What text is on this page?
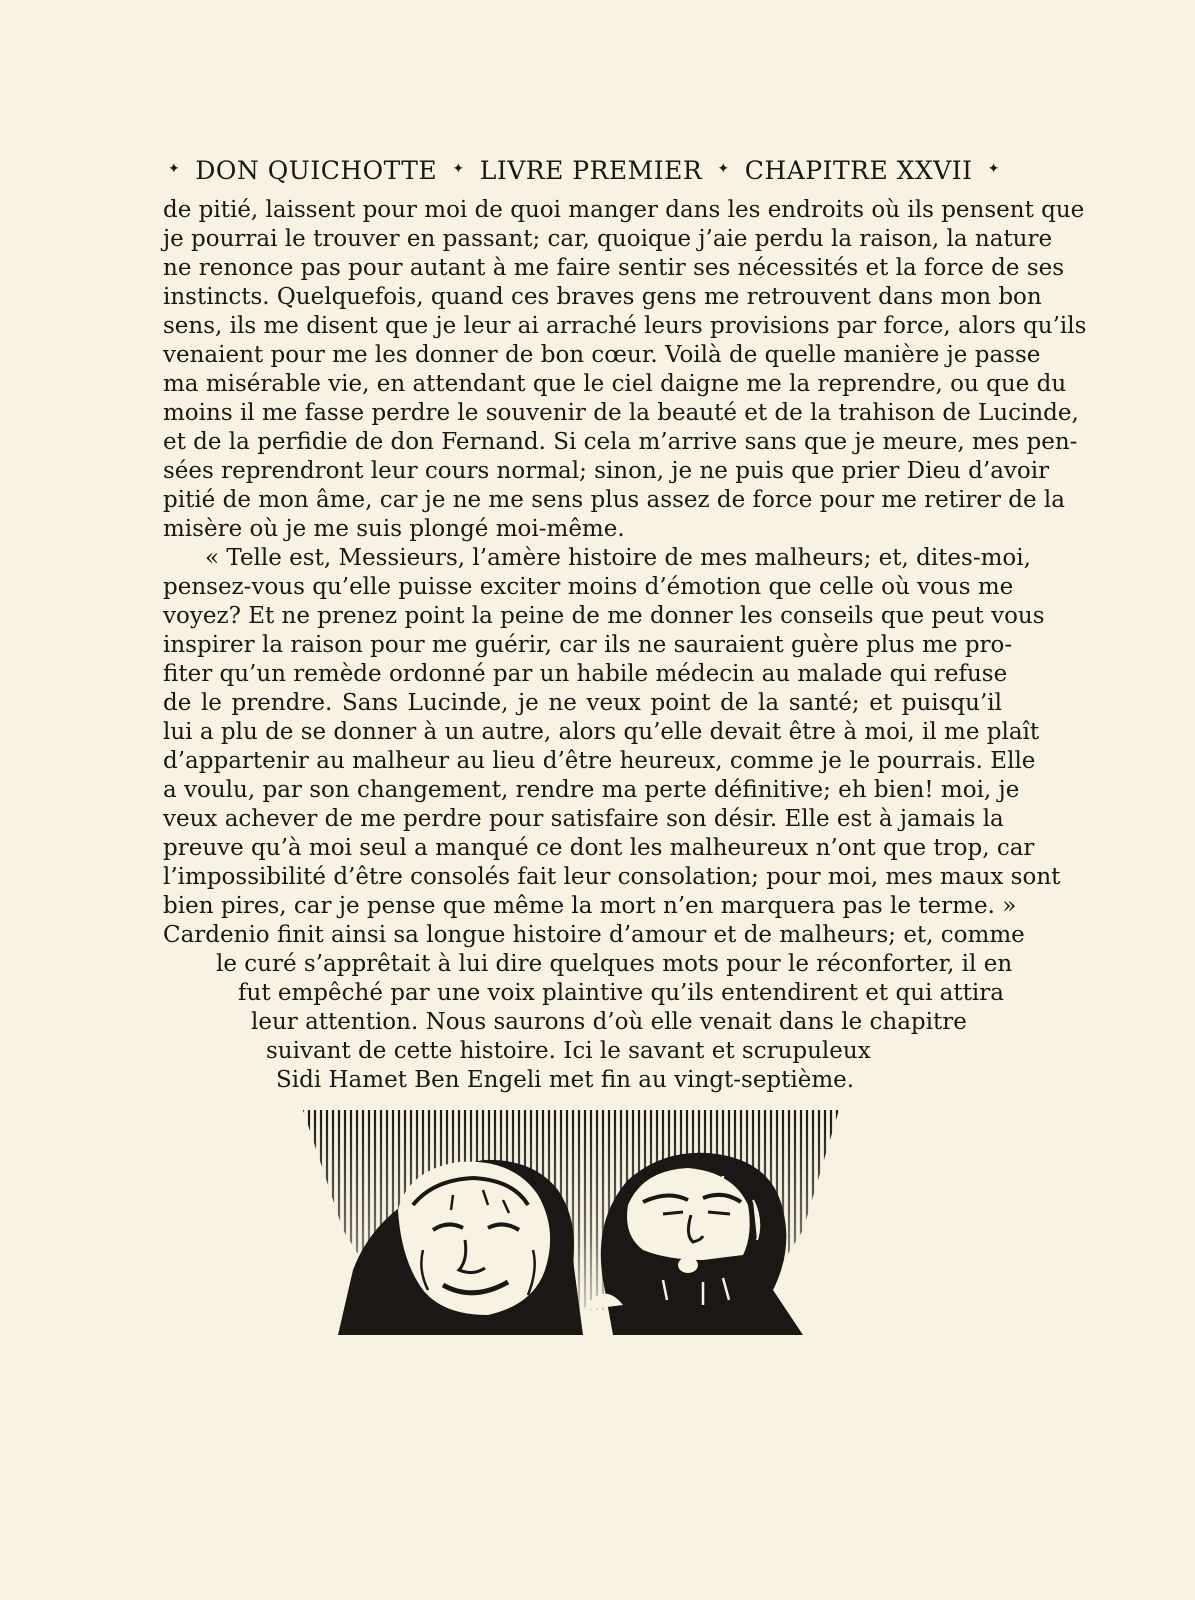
✦ DON QUICHOTTE ✦ LIVRE PREMIER ✦ CHAPITRE XXVII ✦
de pitié, laissent pour moi de quoi manger dans les endroits où ils pensent que
je pourrai le trouver en passant; car, quoique j’aie perdu la raison, la nature
ne renonce pas pour autant à me faire sentir ses nécessités et la force de ses
instincts. Quelquefois, quand ces braves gens me retrouvent dans mon bon
sens, ils me disent que je leur ai arraché leurs provisions par force, alors qu’ils
venaient pour me les donner de bon cœur. Voilà de quelle manière je passe
ma misérable vie, en attendant que le ciel daigne me la reprendre, ou que du
moins il me fasse perdre le souvenir de la beauté et de la trahison de Lucinde,
et de la perfidie de don Fernand. Si cela m’arrive sans que je meure, mes pen-
sées reprendront leur cours normal; sinon, je ne puis que prier Dieu d’avoir
pitié de mon âme, car je ne me sens plus assez de force pour me retirer de la
misère où je me suis plongé moi-même.
« Telle est, Messieurs, l’amère histoire de mes malheurs; et, dites-moi,
pensez-vous qu’elle puisse exciter moins d’émotion que celle où vous me
voyez? Et ne prenez point la peine de me donner les conseils que peut vous
inspirer la raison pour me guérir, car ils ne sauraient guère plus me pro-
fiter qu’un remède ordonné par un habile médecin au malade qui refuse
de le prendre. Sans Lucinde, je ne veux point de la santé; et puisqu’il
lui a plu de se donner à un autre, alors qu’elle devait être à moi, il me plaît
d’appartenir au malheur au lieu d’être heureux, comme je le pourrais. Elle
a voulu, par son changement, rendre ma perte définitive; eh bien! moi, je
veux achever de me perdre pour satisfaire son désir. Elle est à jamais la
preuve qu’à moi seul a manqué ce dont les malheureux n’ont que trop, car
l’impossibilité d’être consolés fait leur consolation; pour moi, mes maux sont
bien pires, car je pense que même la mort n’en marquera pas le terme. »
Cardenio finit ainsi sa longue histoire d’amour et de malheurs; et, comme
le curé s’apprêtait à lui dire quelques mots pour le réconforter, il en
fut empêché par une voix plaintive qu’ils entendirent et qui attira
leur attention. Nous saurons d’où elle venait dans le chapitre
suivant de cette histoire. Ici le savant et scrupuleux
Sidi Hamet Ben Engeli met fin au vingt-septième.
